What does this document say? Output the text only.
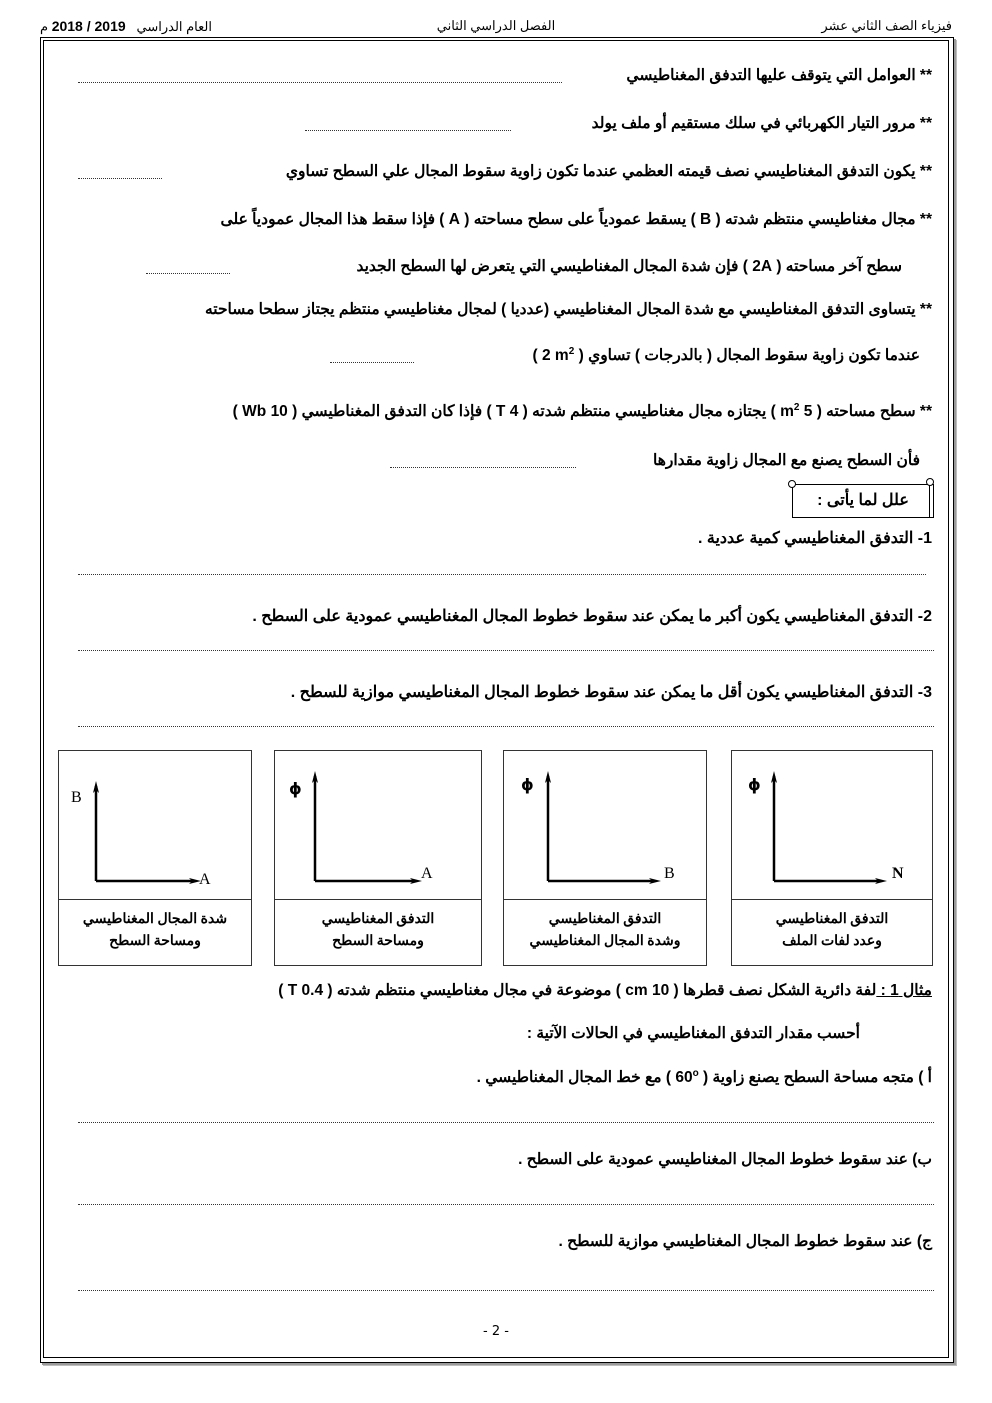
فيزياء الصف الثاني عشر
الفصل الدراسي الثاني
العام الدراسي   2018 / 2019 م
** العوامل التي يتوقف عليها التدفق المغناطيسي
** مرور التيار الكهربائي في سلك مستقيم أو ملف يولد
** يكون التدفق المغناطيسي نصف قيمته العظمي عندما تكون زاوية سقوط المجال علي السطح تساوي
** مجال مغناطيسي منتظم شدته ( B ) يسقط عمودياً على سطح مساحته ( A ) فإذا سقط هذا المجال عمودياً على
سطح آخر مساحته ( 2A ) فإن شدة المجال المغناطيسي التي يتعرض لها السطح الجديد
** يتساوى التدفق المغناطيسي مع شدة المجال المغناطيسي (عدديا ) لمجال مغناطيسي منتظم يجتاز سطحا مساحته
( 2 $m^2$ ) عندما تكون زاوية سقوط المجال ( بالدرجات ) تساوي
** سطح مساحته ( 5 $m^2$ ) يجتازه مجال مغناطيسي منتظم شدته ( 4 T ) فإذا كان التدفق المغناطيسي ( 10 Wb )
فأن السطح يصنع مع المجال زاوية مقدارها
علل لما يأتى :
1- التدفق المغناطيسي كمية عددية .
2- التدفق المغناطيسي يكون أكبر ما يمكن عند سقوط خطوط المجال المغناطيسي عمودية على السطح .
3- التدفق المغناطيسي يكون أقل ما يمكن عند سقوط خطوط المجال المغناطيسي موازية للسطح .
B
A
شدة المجال المغناطيسي
ومساحة السطح
ϕ
A
التدفق المغناطيسي
ومساحة السطح
ϕ
B
التدفق المغناطيسي
وشدة المجال المغناطيسي
ϕ
N
التدفق المغناطيسي
وعدد لفات الملف
مثال 1 : لفة دائرية الشكل نصف قطرها ( 10 cm ) موضوعة في مجال مغناطيسي منتظم شدته ( 0.4 T )
أحسب مقدار التدفق المغناطيسي في الحالات الآتية :
أ ) متجه مساحة السطح يصنع زاوية ( 60$^o$ ) مع خط المجال المغناطيسي .
ب) عند سقوط خطوط المجال المغناطيسي عمودية على السطح .
ج) عند سقوط خطوط المجال المغناطيسي موازية للسطح .
- 2 -
